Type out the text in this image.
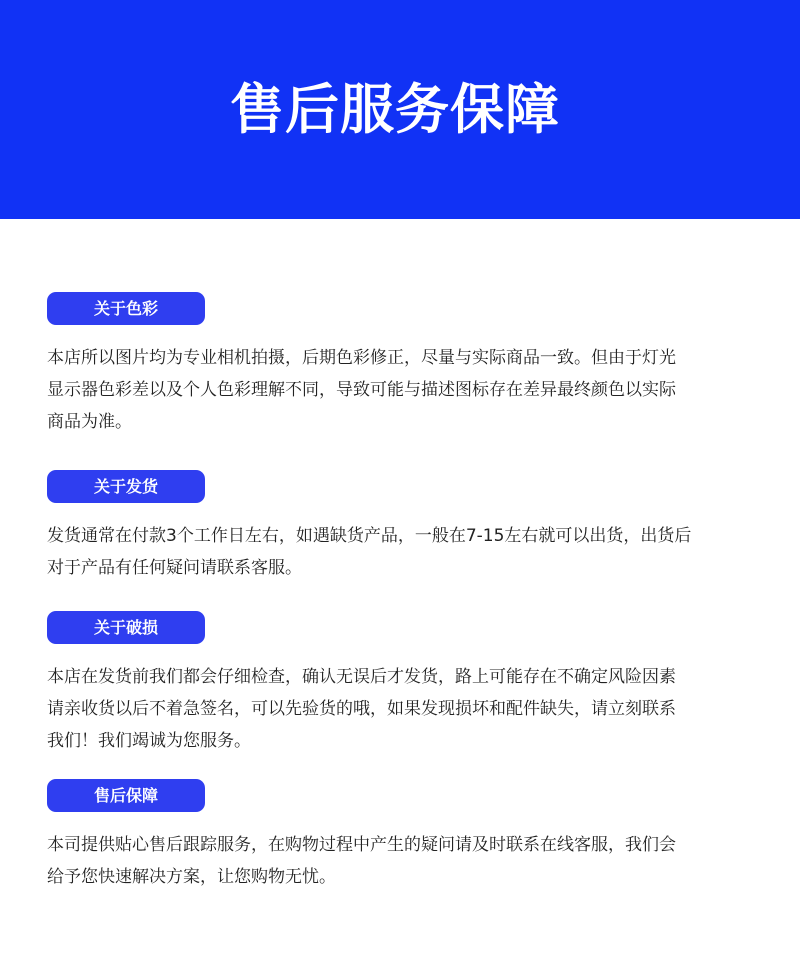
售后服务保障
关于色彩

本店所以图片均为专业相机拍摄，后期色彩修正，尽量与实际商品一致。但由于灯光
显示器色彩差以及个人色彩理解不同，导致可能与描述图标存在差异最终颜色以实际
商品为准。

关于发货

发货通常在付款3个工作日左右，如遇缺货产品，一般在7-15左右就可以出货，出货后
对于产品有任何疑问请联系客服。

关于破损

本店在发货前我们都会仔细检查，确认无误后才发货，路上可能存在不确定风险因素
请亲收货以后不着急签名，可以先验货的哦，如果发现损坏和配件缺失，请立刻联系
我们！我们竭诚为您服务。

售后保障

本司提供贴心售后跟踪服务，在购物过程中产生的疑问请及时联系在线客服，我们会
给予您快速解决方案，让您购物无忧。
